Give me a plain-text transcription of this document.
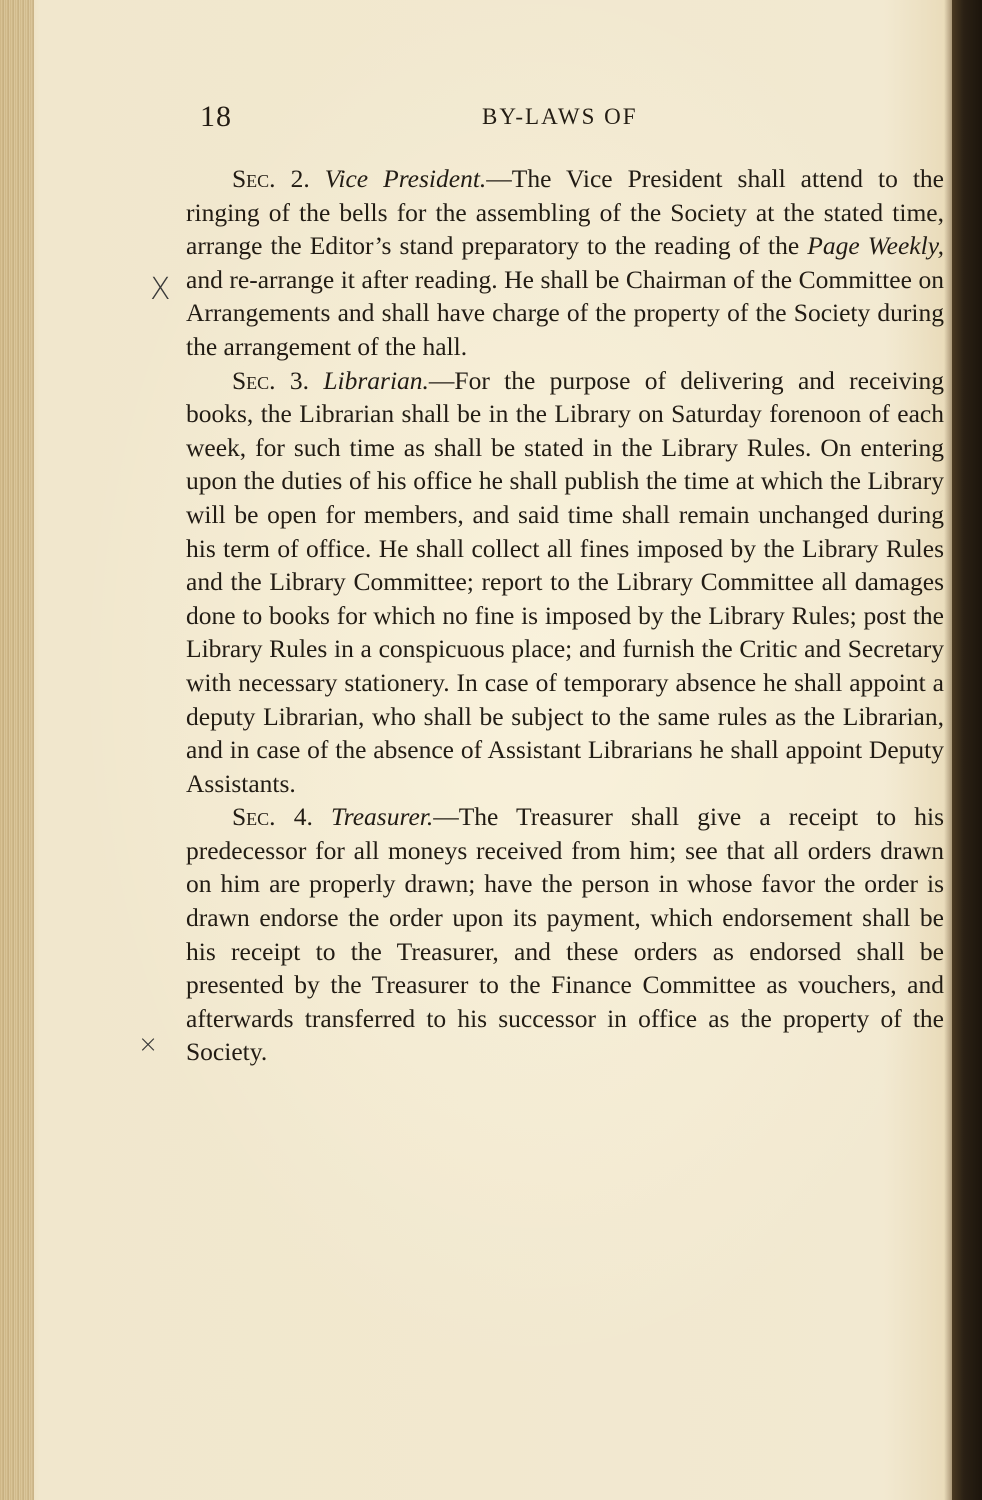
18	BY-LAWS OF
X
×

Sec. 2. Vice President.—The Vice President shall attend to the ringing of the bells for the assembling of the Society at the stated time, arrange the Editor’s stand preparatory to the reading of the Page Weekly, and re-arrange it after reading. He shall be Chairman of the Committee on Arrangements and shall have charge of the property of the Society during the arrangement of the hall.

Sec. 3. Librarian.—For the purpose of delivering and receiving books, the Librarian shall be in the Library on Saturday forenoon of each week, for such time as shall be stated in the Library Rules. On entering upon the duties of his office he shall publish the time at which the Library will be open for members, and said time shall remain unchanged during his term of office. He shall collect all fines imposed by the Library Rules and the Library Committee; report to the Library Committee all damages done to books for which no fine is imposed by the Library Rules; post the Library Rules in a conspicuous place; and furnish the Critic and Secretary with necessary stationery. In case of temporary absence he shall appoint a deputy Librarian, who shall be subject to the same rules as the Librarian, and in case of the absence of Assistant Librarians he shall appoint Deputy Assistants.

Sec. 4. Treasurer.—The Treasurer shall give a receipt to his predecessor for all moneys received from him; see that all orders drawn on him are properly drawn; have the person in whose favor the order is drawn endorse the order upon its payment, which endorsement shall be his receipt to the Treasurer, and these orders as endorsed shall be presented by the Treasurer to the Finance Committee as vouchers, and afterwards transferred to his successor in office as the property of the Society.
